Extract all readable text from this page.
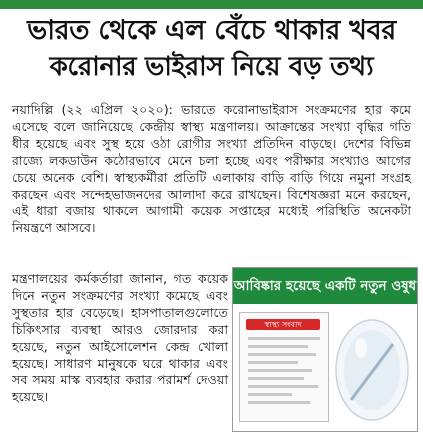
ভারত থেকে এল বেঁচে থাকার খবর
করোনার ভাইরাস নিয়ে বড় তথ্য

নয়াদিল্লি (২২ এপ্রিল ২০২০): ভারতে করোনাভাইরাস সংক্রমণের হার কমে এসেছে বলে জানিয়েছে কেন্দ্রীয় স্বাস্থ্য মন্ত্রণালয়। আক্রান্তের সংখ্যা বৃদ্ধির গতি ধীর হয়েছে এবং সুস্থ হয়ে ওঠা রোগীর সংখ্যা প্রতিদিন বাড়ছে। দেশের বিভিন্ন রাজ্যে লকডাউন কঠোরভাবে মেনে চলা হচ্ছে এবং পরীক্ষার সংখ্যাও আগের চেয়ে অনেক বেশি। স্বাস্থ্যকর্মীরা প্রতিটি এলাকায় বাড়ি বাড়ি গিয়ে নমুনা সংগ্রহ করছেন এবং সন্দেহভাজনদের আলাদা করে রাখছেন। বিশেষজ্ঞরা মনে করছেন, এই ধারা বজায় থাকলে আগামী কয়েক সপ্তাহের মধ্যেই পরিস্থিতি অনেকটা নিয়ন্ত্রণে আসবে।

মন্ত্রণালয়ের কর্মকর্তারা জানান, গত কয়েক দিনে নতুন সংক্রমণের সংখ্যা কমেছে এবং সুস্থতার হার বেড়েছে। হাসপাতালগুলোতে চিকিৎসার ব্যবস্থা আরও জোরদার করা হয়েছে, নতুন আইসোলেশন কেন্দ্র খোলা হয়েছে। সাধারণ মানুষকে ঘরে থাকার এবং সব সময় মাস্ক ব্যবহার করার পরামর্শ দেওয়া হয়েছে।

আবিষ্কার হয়েছে একটি নতুন ওষুধ
স্বাস্থ্য সংবাদ
